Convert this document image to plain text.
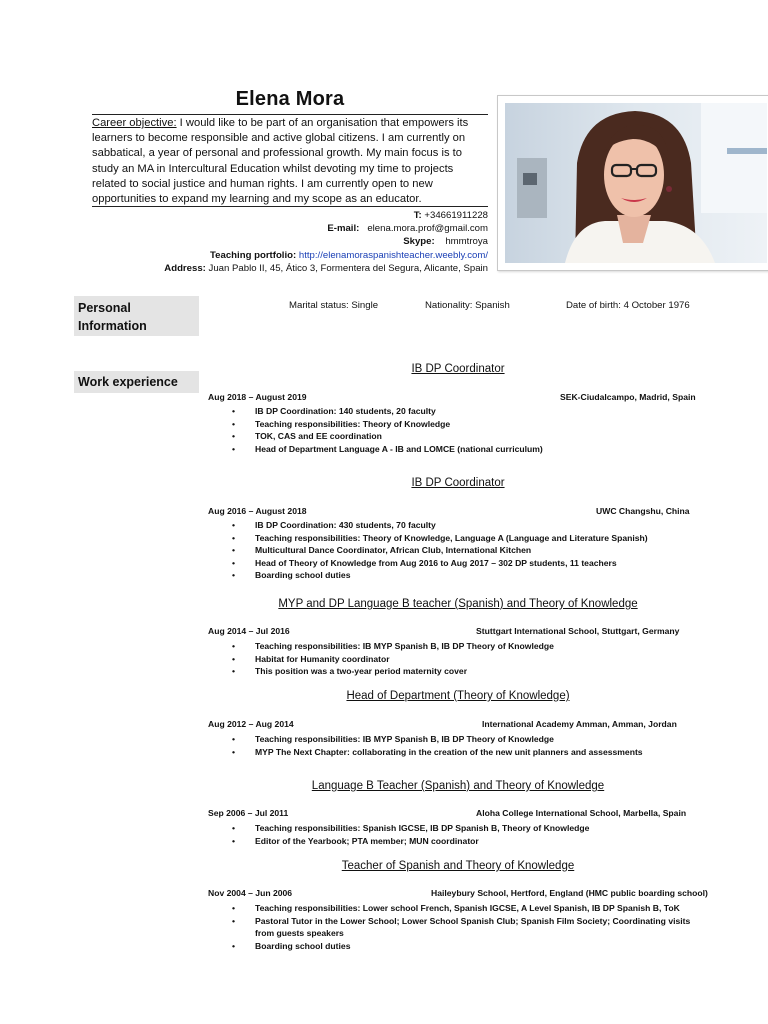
Elena Mora
Career objective: I would like to be part of an organisation that empowers its learners to become responsible and active global citizens. I am currently on sabbatical, a year of personal and professional growth. My main focus is to study an MA in Intercultural Education whilst devoting my time to projects related to social justice and human rights. I am currently open to new opportunities to expand my learning and my scope as an educator.
T: +34661911228
E-mail: elena.mora.prof@gmail.com
Skype: hmmtroya
Teaching portfolio: http://elenamoraspanishteacher.weebly.com/
Address: Juan Pablo II, 45, Ático 3, Formentera del Segura, Alicante, Spain
Personal
Information
Marital status: Single	Nationality: Spanish	Date of birth: 4 October 1976
Work experience
IB DP Coordinator
Aug 2018 – August 2019	SEK-Ciudalcampo, Madrid, Spain
• IB DP Coordination: 140 students, 20 faculty
• Teaching responsibilities: Theory of Knowledge
• TOK, CAS and EE coordination
• Head of Department Language A - IB and LOMCE (national curriculum)
IB DP Coordinator
Aug 2016 – August 2018	UWC Changshu, China
• IB DP Coordination: 430 students, 70 faculty
• Teaching responsibilities: Theory of Knowledge, Language A (Language and Literature Spanish)
• Multicultural Dance Coordinator, African Club, International Kitchen
• Head of Theory of Knowledge from Aug 2016 to Aug 2017 – 302 DP students, 11 teachers
• Boarding school duties
MYP and DP Language B teacher (Spanish) and Theory of Knowledge
Aug 2014 – Jul 2016	Stuttgart International School, Stuttgart, Germany
• Teaching responsibilities: IB MYP Spanish B, IB DP Theory of Knowledge
• Habitat for Humanity coordinator
• This position was a two-year period maternity cover
Head of Department (Theory of Knowledge)
Aug 2012 – Aug 2014	International Academy Amman, Amman, Jordan
• Teaching responsibilities: IB MYP Spanish B, IB DP Theory of Knowledge
• MYP The Next Chapter: collaborating in the creation of the new unit planners and assessments
Language B Teacher (Spanish) and Theory of Knowledge
Sep 2006 – Jul 2011	Aloha College International School, Marbella, Spain
• Teaching responsibilities: Spanish IGCSE, IB DP Spanish B, Theory of Knowledge
• Editor of the Yearbook; PTA member; MUN coordinator
Teacher of Spanish and Theory of Knowledge
Nov 2004 – Jun 2006	Haileybury School, Hertford, England (HMC public boarding school)
• Teaching responsibilities: Lower school French, Spanish IGCSE, A Level Spanish, IB DP Spanish B, ToK
• Pastoral Tutor in the Lower School; Lower School Spanish Club; Spanish Film Society; Coordinating visits from guests speakers
• Boarding school duties
